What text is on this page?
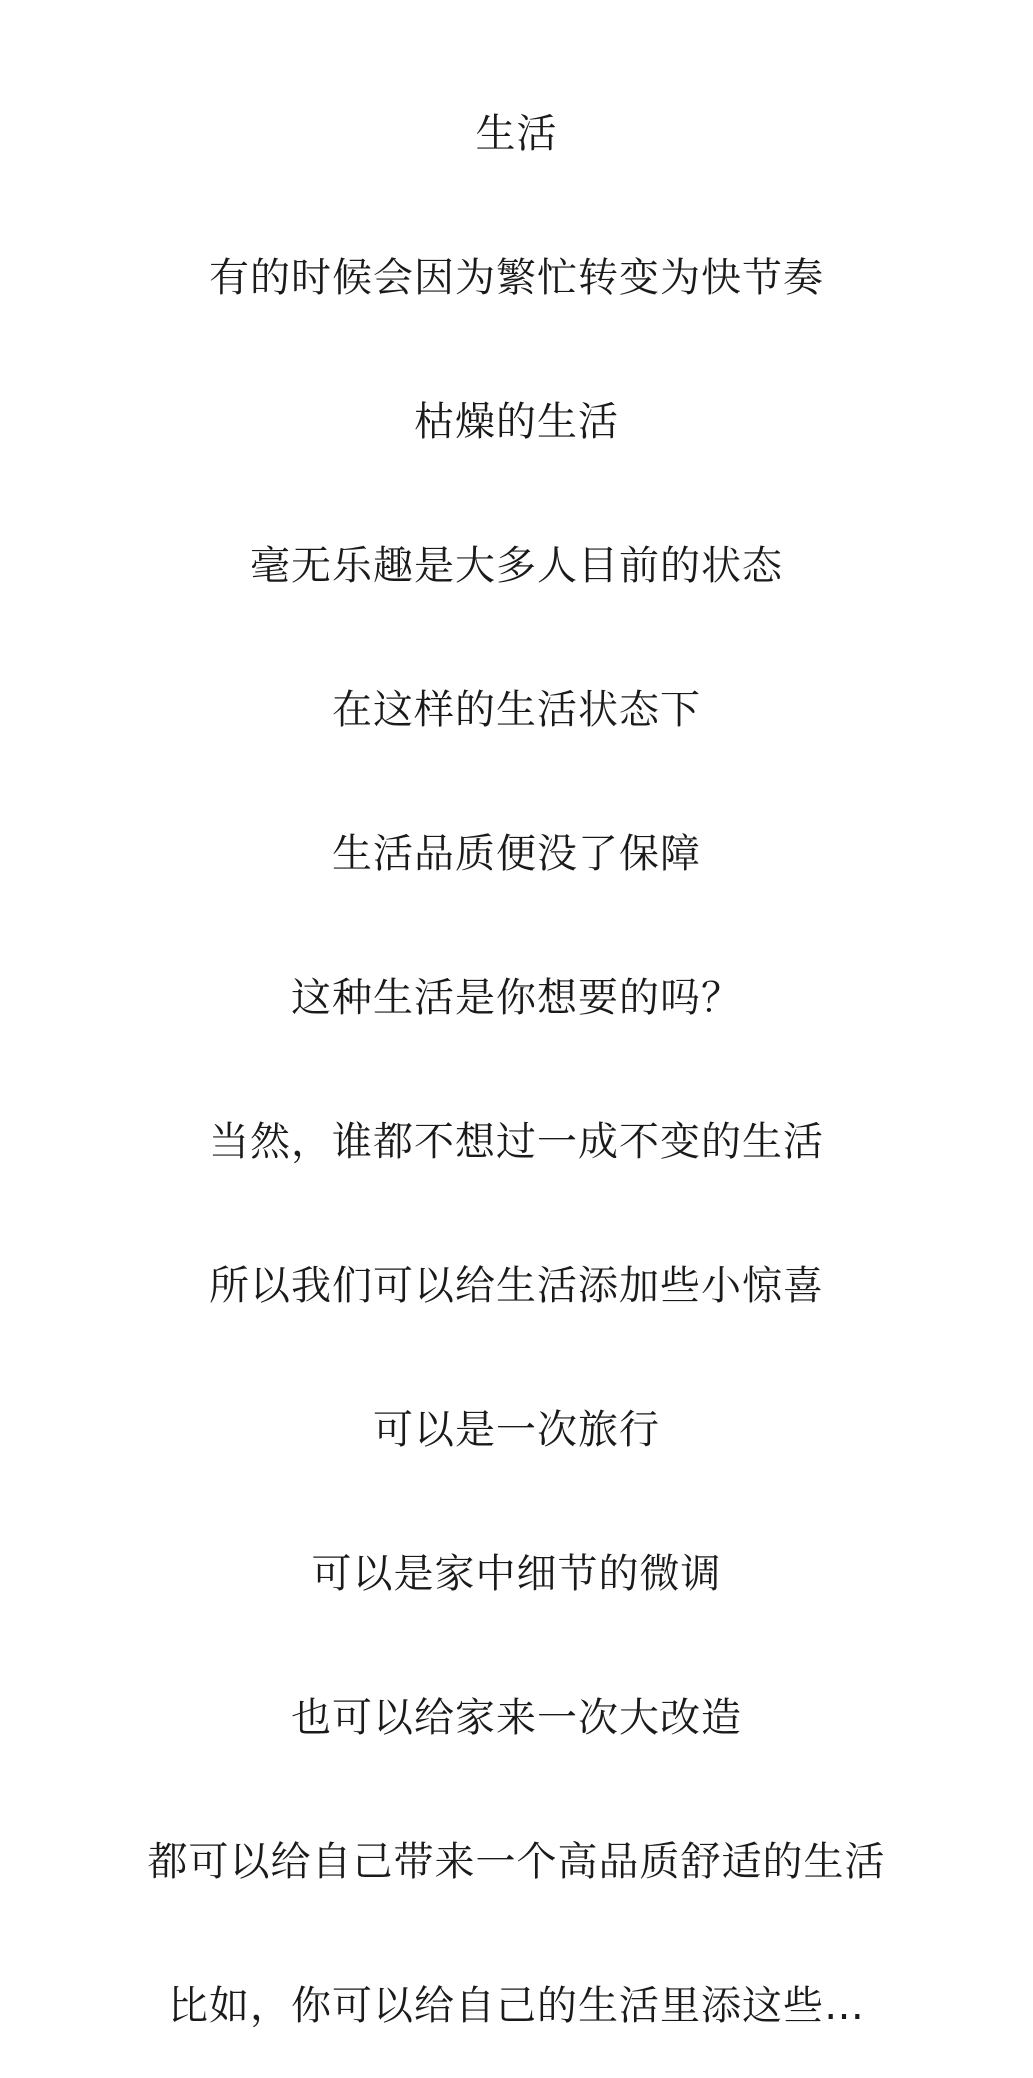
生活

有的时候会因为繁忙转变为快节奏

枯燥的生活

毫无乐趣是大多人目前的状态

在这样的生活状态下

生活品质便没了保障

这种生活是你想要的吗？

当然，谁都不想过一成不变的生活

所以我们可以给生活添加些小惊喜

可以是一次旅行

可以是家中细节的微调

也可以给家来一次大改造

都可以给自己带来一个高品质舒适的生活

比如，你可以给自己的生活里添这些…
